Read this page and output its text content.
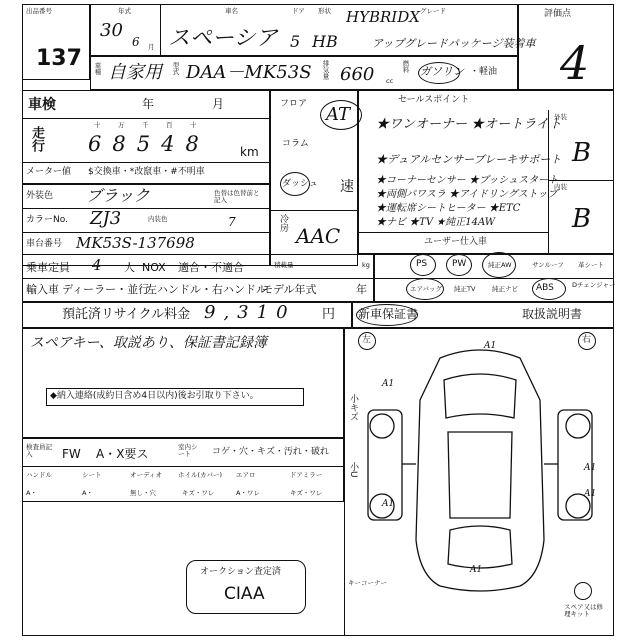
出品番号
137
年式
30
6 月
車名
スペーシア
ドア 形状
5 HB
グレード
HYBRIDX
アップグレードパッケージ装着車
評価点
4
車種 自家用 型式 DAA－MK53S 排気量 660 cc
燃料 ガソリン ・軽油
車検	年	月
走行
十	万	千	百	十
68548	km
メーター値 $交換車・*改竄車・#不明車
フロア
コラム
ダッシュ
AT
速
冷房
AAC
外装色 ブラック	色替は色替前と記入
カラーNo. ZJ3	内装色	7
車台番号 MK53S-137698
乗車定員 4 人 NOX 適合・不適合	積載量	kg
輸入車 ディーラー・並行
左ハンドル・右ハンドル
モデル年式	年
セールスポイント
★ワンオーナー ★オートライト
★デュアルセンサーブレーキサポート
★コーナーセンサー ★プッシュスタート
★両側パワスラ ★アイドリングストップ
★運転席シートヒーター ★ETC
★ナビ ★TV ★純正14AW
外装
B
内装
B
ユーザー仕入車
PS	PW	純正AW	サンルーフ 革シート
エアバッグ 純正TV	純正ナビ ABS	Dチェンジャー
預託済リサイクル料金 9,310 円 新車保証書	取扱説明書
スペアキー、取説あり、保証書記録簿
◆納入連絡(成約日含め4日以内)後お引取り下さい。
検査員記入	FW A・X要ス	室内シート	コゲ・穴・キズ・汚れ・破れ
ハンドル	シート	オーディオ ホイル(カバー) エアロ	ドアミラー
A・	A・	無し・穴	キズ・ワレ	A・ワレ	キズ・ワレ
オークション査定済
CIAA
左	右
小キズ
小U
キーコーナー
スペア又は修理キット
A1
A1
A1
A1
A1
A1
